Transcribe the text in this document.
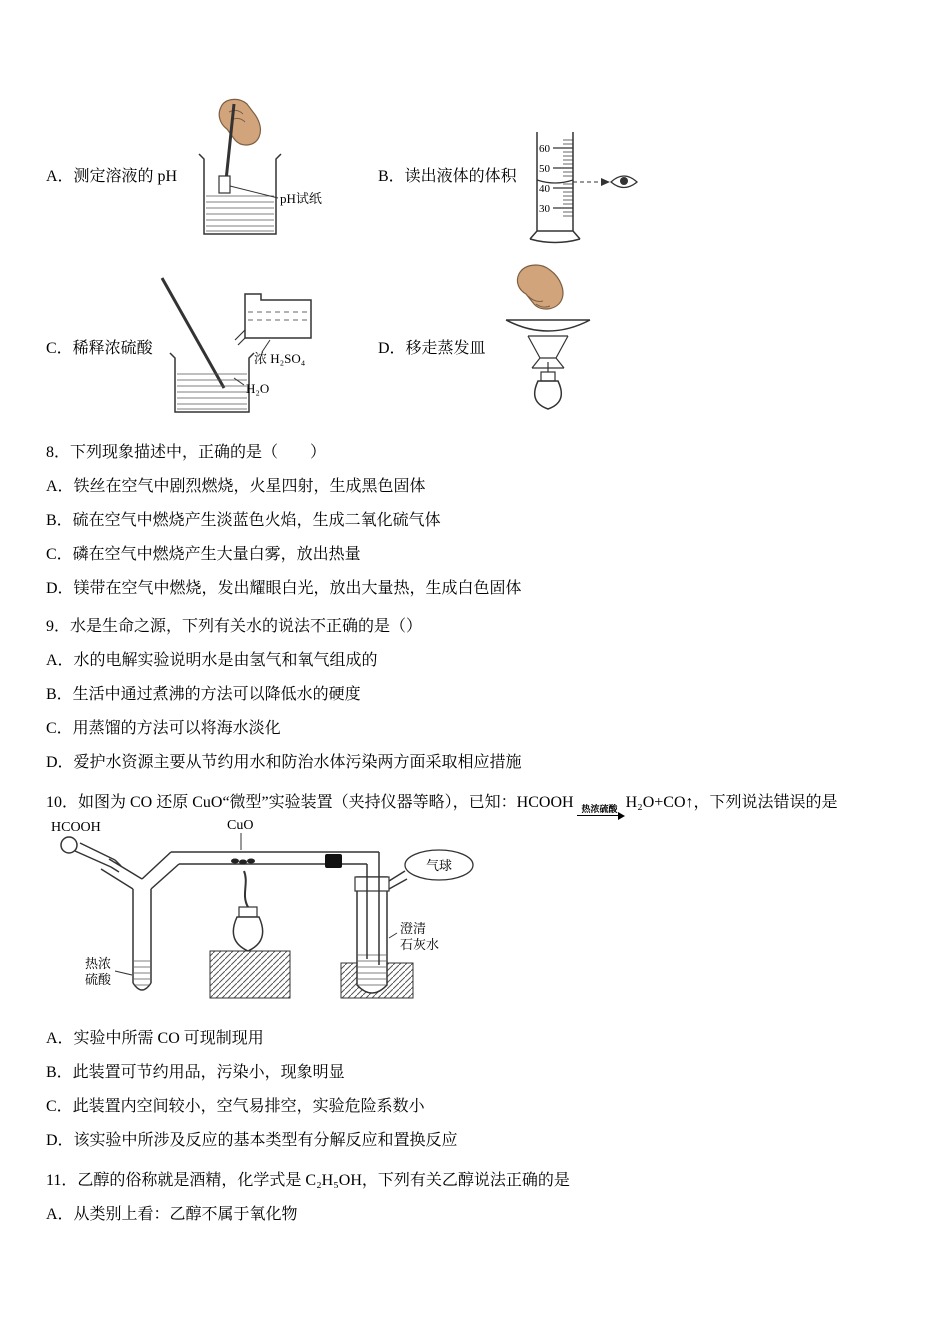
A．测定溶液的 pH
pH试纸
B．读出液体的体积
60
50
40
30
C．稀释浓硫酸
浓 H₂SO₄
H₂O
D．移走蒸发皿
8．下列现象描述中，正确的是（　　）
A．铁丝在空气中剧烈燃烧，火星四射，生成黑色固体
B．硫在空气中燃烧产生淡蓝色火焰，生成二氧化硫气体
C．磷在空气中燃烧产生大量白雾，放出热量
D．镁带在空气中燃烧，发出耀眼白光，放出大量热，生成白色固体
9．水是生命之源，下列有关水的说法不正确的是（）
A．水的电解实验说明水是由氢气和氧气组成的
B．生活中通过煮沸的方法可以降低水的硬度
C．用蒸馏的方法可以将海水淡化
D．爱护水资源主要从节约用水和防治水体污染两方面采取相应措施
10．如图为 CO 还原 CuO“微型”实验装置（夹持仪器等略），已知：HCOOH 热浓硫酸 H₂O+CO↑，下列说法错误的是
HCOOH	CuO
气球
澄清
石灰水
热浓
硫酸
A．实验中所需 CO 可现制现用
B．此装置可节约用品，污染小，现象明显
C．此装置内空间较小，空气易排空，实验危险系数小
D．该实验中所涉及反应的基本类型有分解反应和置换反应
11．乙醇的俗称就是酒精，化学式是 C₂H₅OH，下列有关乙醇说法正确的是
A．从类别上看：乙醇不属于氧化物
